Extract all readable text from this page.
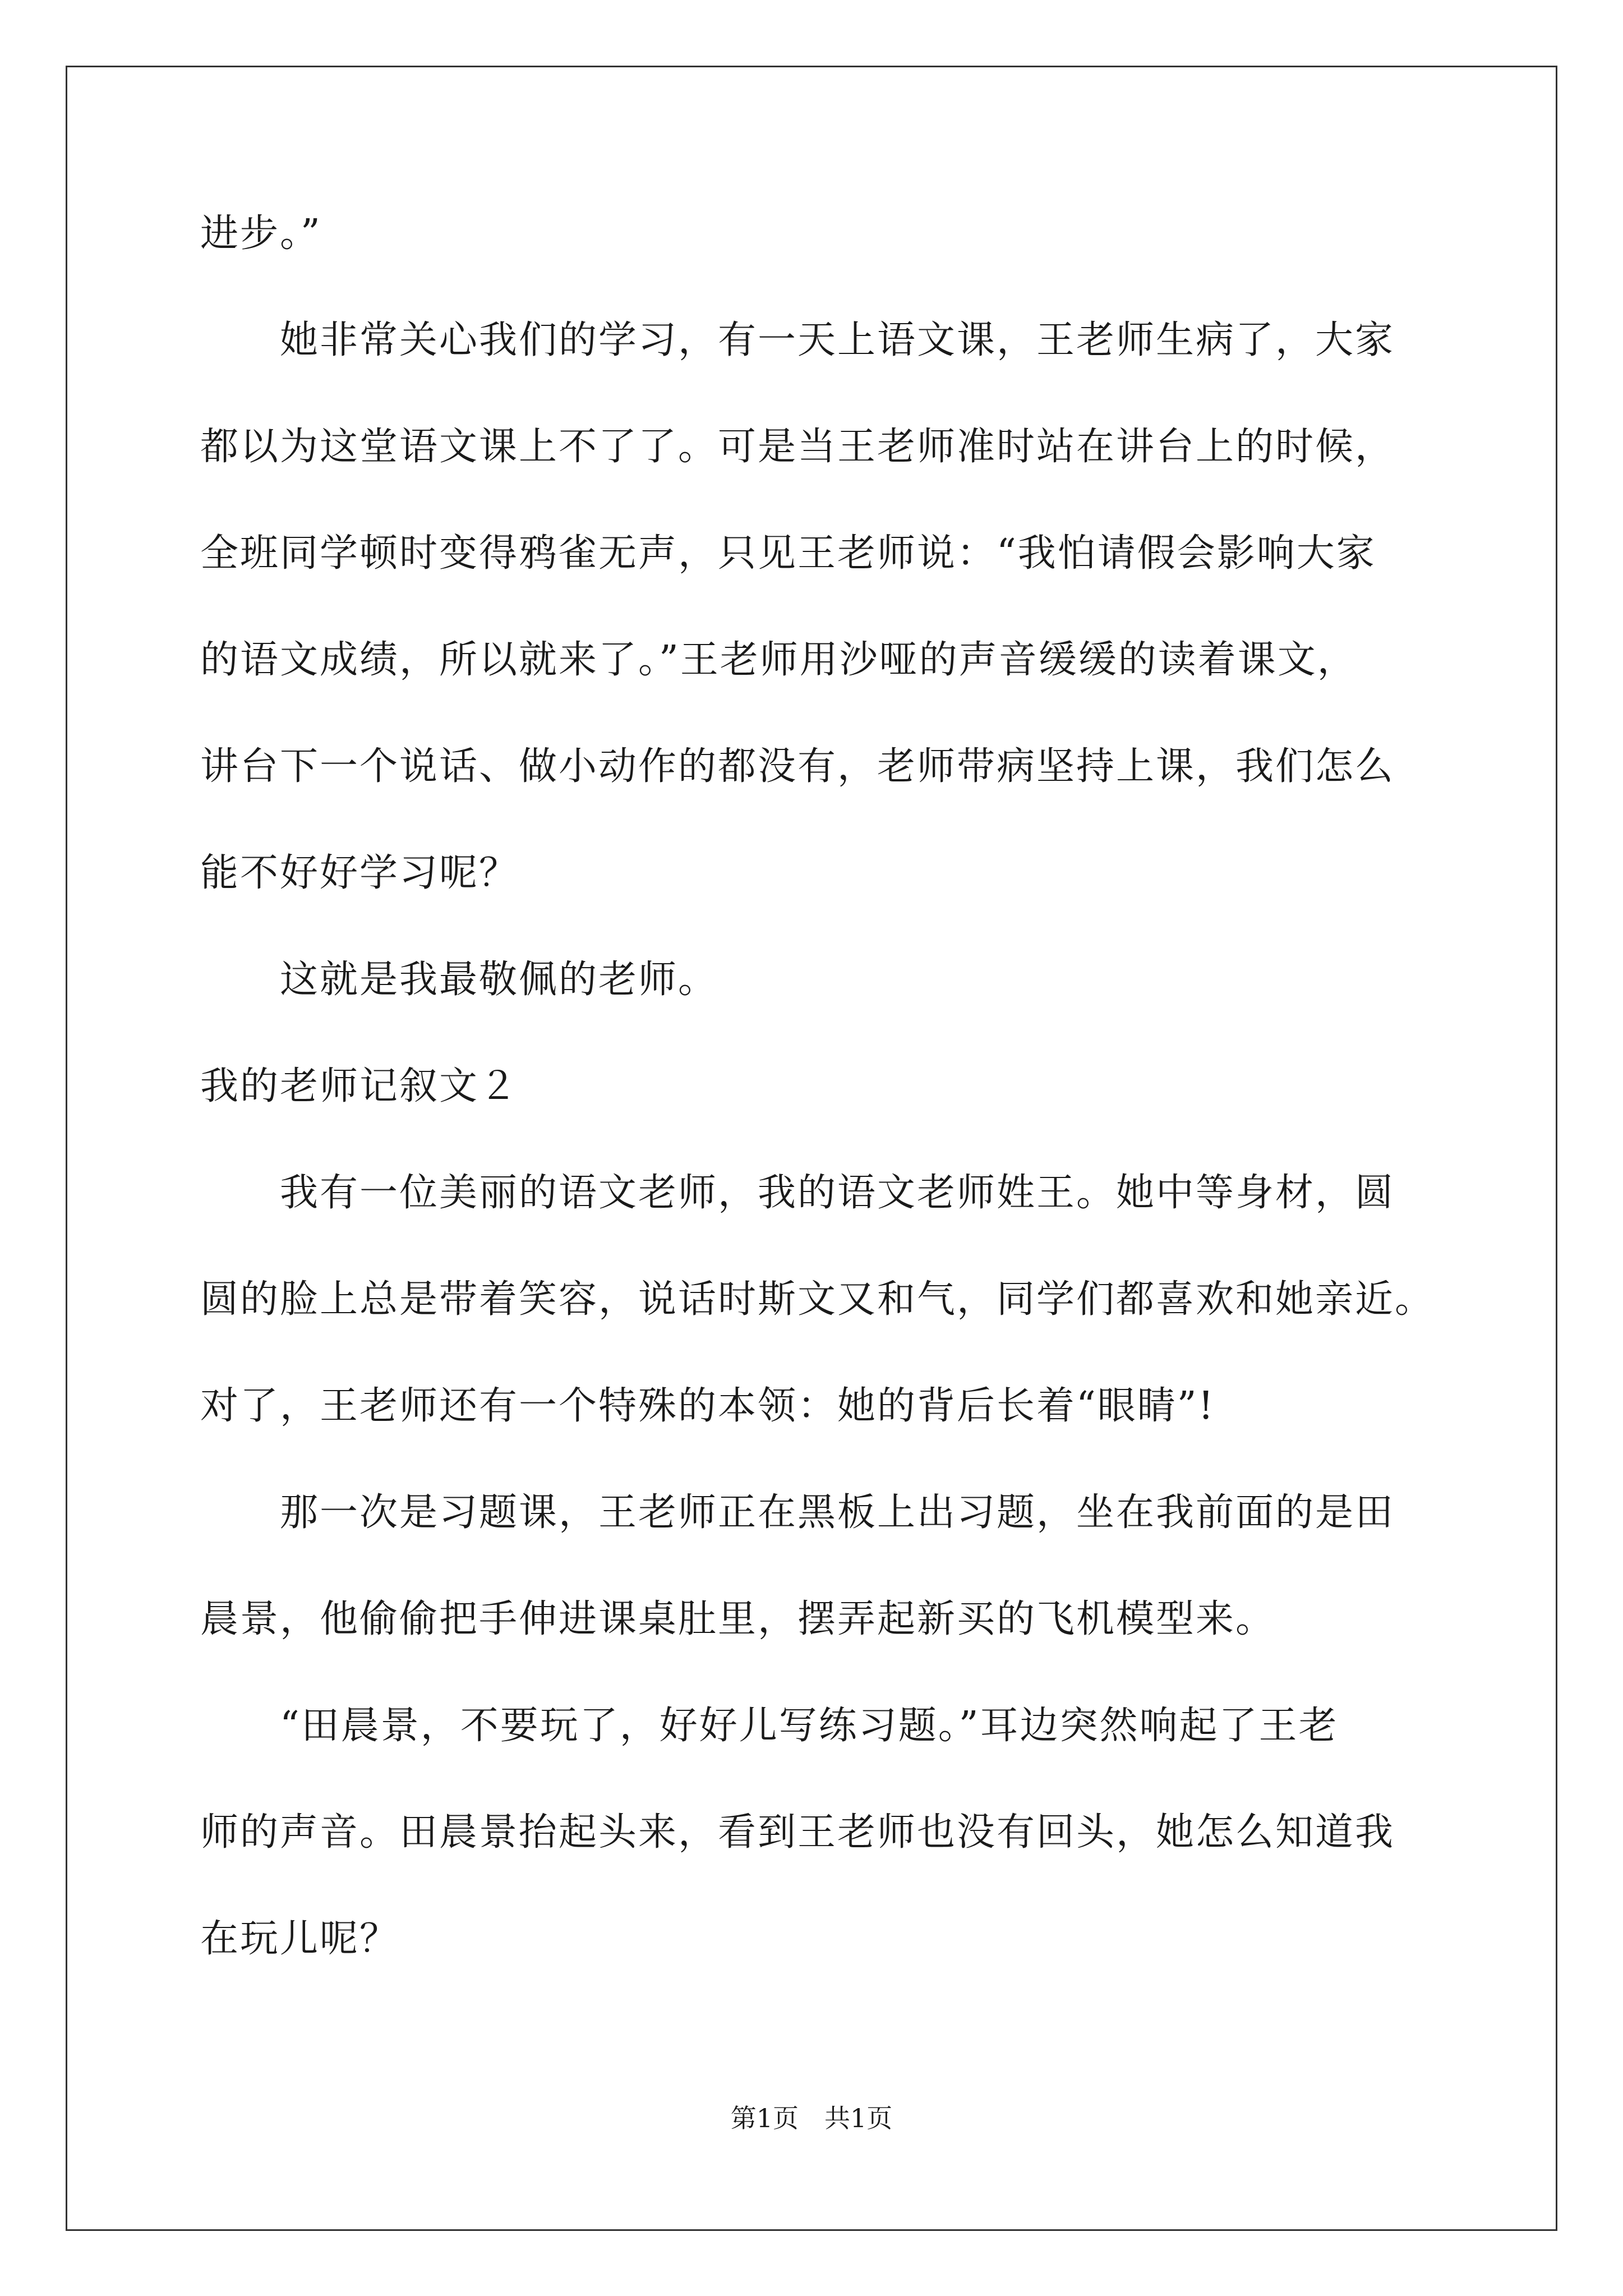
进步。”
　　她非常关心我们的学习，有一天上语文课，王老师生病了，大家
都以为这堂语文课上不了了。可是当王老师准时站在讲台上的时候，
全班同学顿时变得鸦雀无声，只见王老师说：“我怕请假会影响大家
的语文成绩，所以就来了。”王老师用沙哑的声音缓缓的读着课文，
讲台下一个说话、做小动作的都没有，老师带病坚持上课，我们怎么
能不好好学习呢？
　　这就是我最敬佩的老师。
我的老师记叙文２
　　我有一位美丽的语文老师，我的语文老师姓王。她中等身材，圆
圆的脸上总是带着笑容，说话时斯文又和气，同学们都喜欢和她亲近。
对了，王老师还有一个特殊的本领：她的背后长着“眼睛”!
　　那一次是习题课，王老师正在黑板上出习题，坐在我前面的是田
晨景，他偷偷把手伸进课桌肚里，摆弄起新买的飞机模型来。
　　“田晨景，不要玩了，好好儿写练习题。”耳边突然响起了王老
师的声音。田晨景抬起头来，看到王老师也没有回头，她怎么知道我
在玩儿呢？
第1页　共1页
